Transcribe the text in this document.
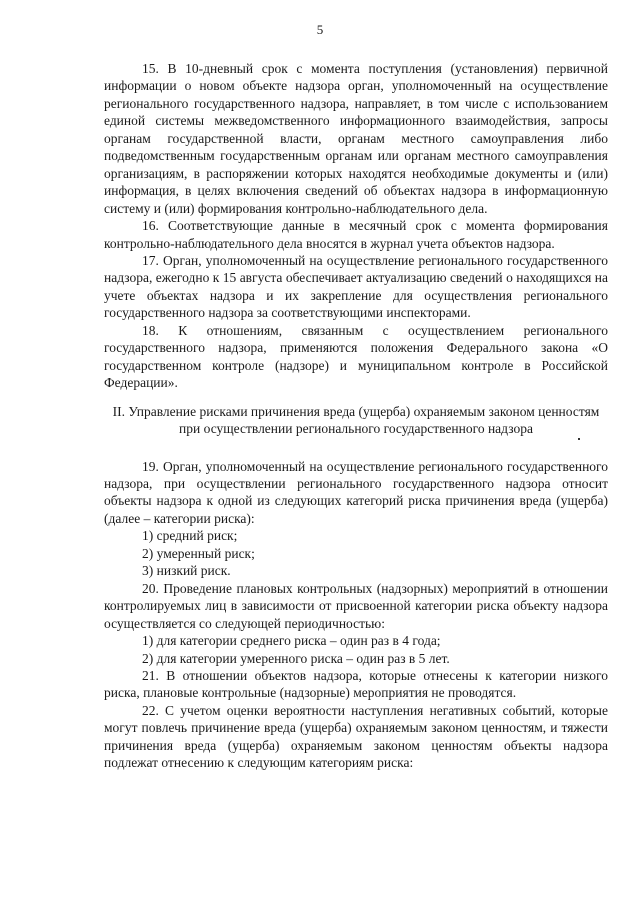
5

15. В 10-дневный срок с момента поступления (установления) первичной информации о новом объекте надзора орган, уполномоченный на осуществление регионального государственного надзора, направляет, в том числе с использованием единой системы межведомственного информационного взаимодействия, запросы органам государственной власти, органам местного самоуправления либо подведомственным государственным органам или органам местного самоуправления организациям, в распоряжении которых находятся необходимые документы и (или) информация, в целях включения сведений об объектах надзора в информационную систему и (или) формирования контрольно-наблюдательного дела.

16. Соответствующие данные в месячный срок с момента формирования контрольно-наблюдательного дела вносятся в журнал учета объектов надзора.

17. Орган, уполномоченный на осуществление регионального государственного надзора, ежегодно к 15 августа обеспечивает актуализацию сведений о находящихся на учете объектах надзора и их закрепление для осуществления регионального государственного надзора за соответствующими инспекторами.

18. К отношениям, связанным с осуществлением регионального государственного надзора, применяются положения Федерального закона «О государственном контроле (надзоре) и муниципальном контроле в Российской Федерации».

II. Управление рисками причинения вреда (ущерба) охраняемым законом ценностям при осуществлении регионального государственного надзора

19. Орган, уполномоченный на осуществление регионального государственного надзора, при осуществлении регионального государственного надзора относит объекты надзора к одной из следующих категорий риска причинения вреда (ущерба) (далее – категории риска):

1) средний риск;

2) умеренный риск;

3) низкий риск.

20. Проведение плановых контрольных (надзорных) мероприятий в отношении контролируемых лиц в зависимости от присвоенной категории риска объекту надзора осуществляется со следующей периодичностью:

1) для категории среднего риска – один раз в 4 года;

2) для категории умеренного риска – один раз в 5 лет.

21. В отношении объектов надзора, которые отнесены к категории низкого риска, плановые контрольные (надзорные) мероприятия не проводятся.

22. С учетом оценки вероятности наступления негативных событий, которые могут повлечь причинение вреда (ущерба) охраняемым законом ценностям, и тяжести причинения вреда (ущерба) охраняемым законом ценностям объекты надзора подлежат отнесению к следующим категориям риска:
